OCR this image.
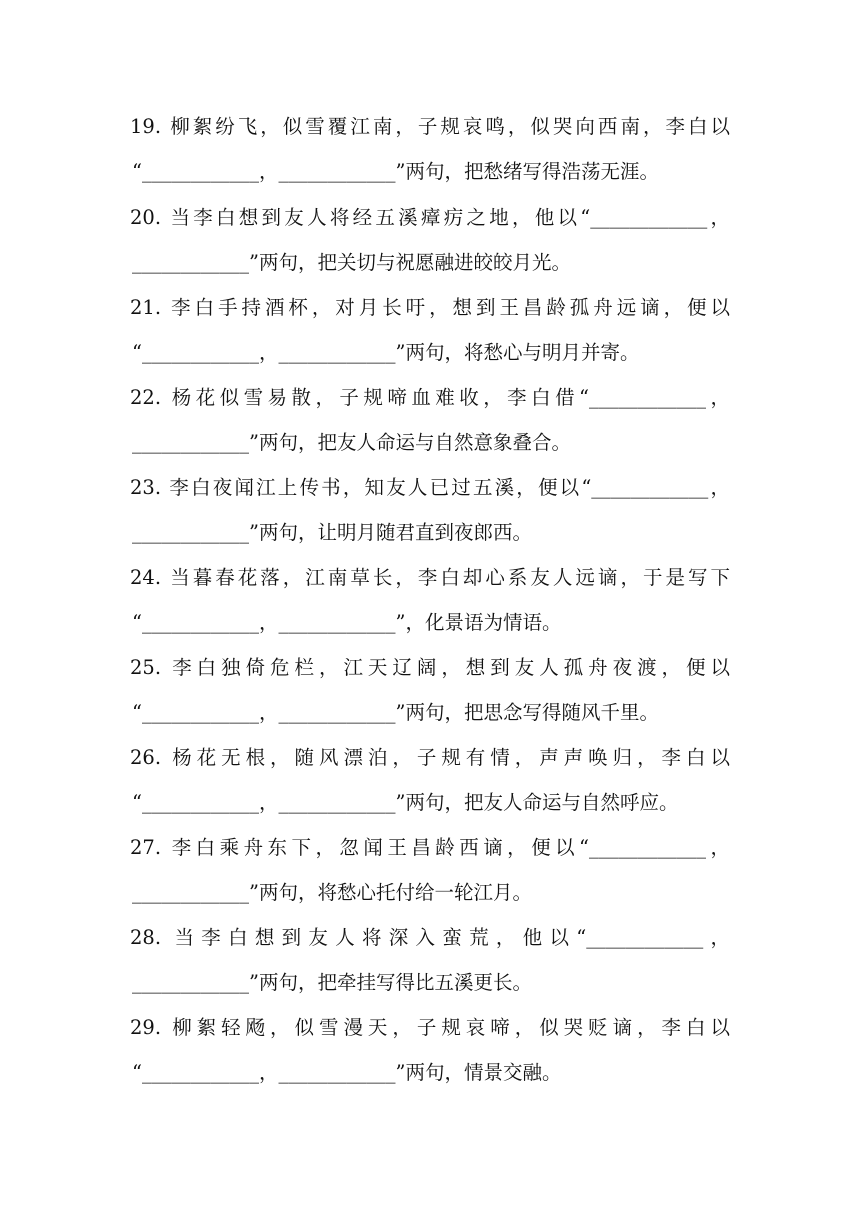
19. 柳絮纷飞，似雪覆江南，子规哀鸣，似哭向西南，李白以
“____________，____________”两句，把愁绪写得浩荡无涯。
20. 当李白想到友人将经五溪瘴疠之地，他以“____________，
____________”两句，把关切与祝愿融进皎皎月光。
21. 李白手持酒杯，对月长吁，想到王昌龄孤舟远谪，便以
“____________，____________”两句，将愁心与明月并寄。
22. 杨花似雪易散，子规啼血难收，李白借“____________，
____________”两句，把友人命运与自然意象叠合。
23. 李白夜闻江上传书，知友人已过五溪，便以“____________，
____________”两句，让明月随君直到夜郎西。
24. 当暮春花落，江南草长，李白却心系友人远谪，于是写下
“____________，____________”，化景语为情语。
25. 李白独倚危栏，江天辽阔，想到友人孤舟夜渡，便以
“____________，____________”两句，把思念写得随风千里。
26. 杨花无根，随风漂泊，子规有情，声声唤归，李白以
“____________，____________”两句，把友人命运与自然呼应。
27. 李白乘舟东下，忽闻王昌龄西谪，便以“____________，
____________”两句，将愁心托付给一轮江月。
28. 当李白想到友人将深入蛮荒，他以“____________，
____________”两句，把牵挂写得比五溪更长。
29. 柳絮轻飏，似雪漫天，子规哀啼，似哭贬谪，李白以
“____________，____________”两句，情景交融。
